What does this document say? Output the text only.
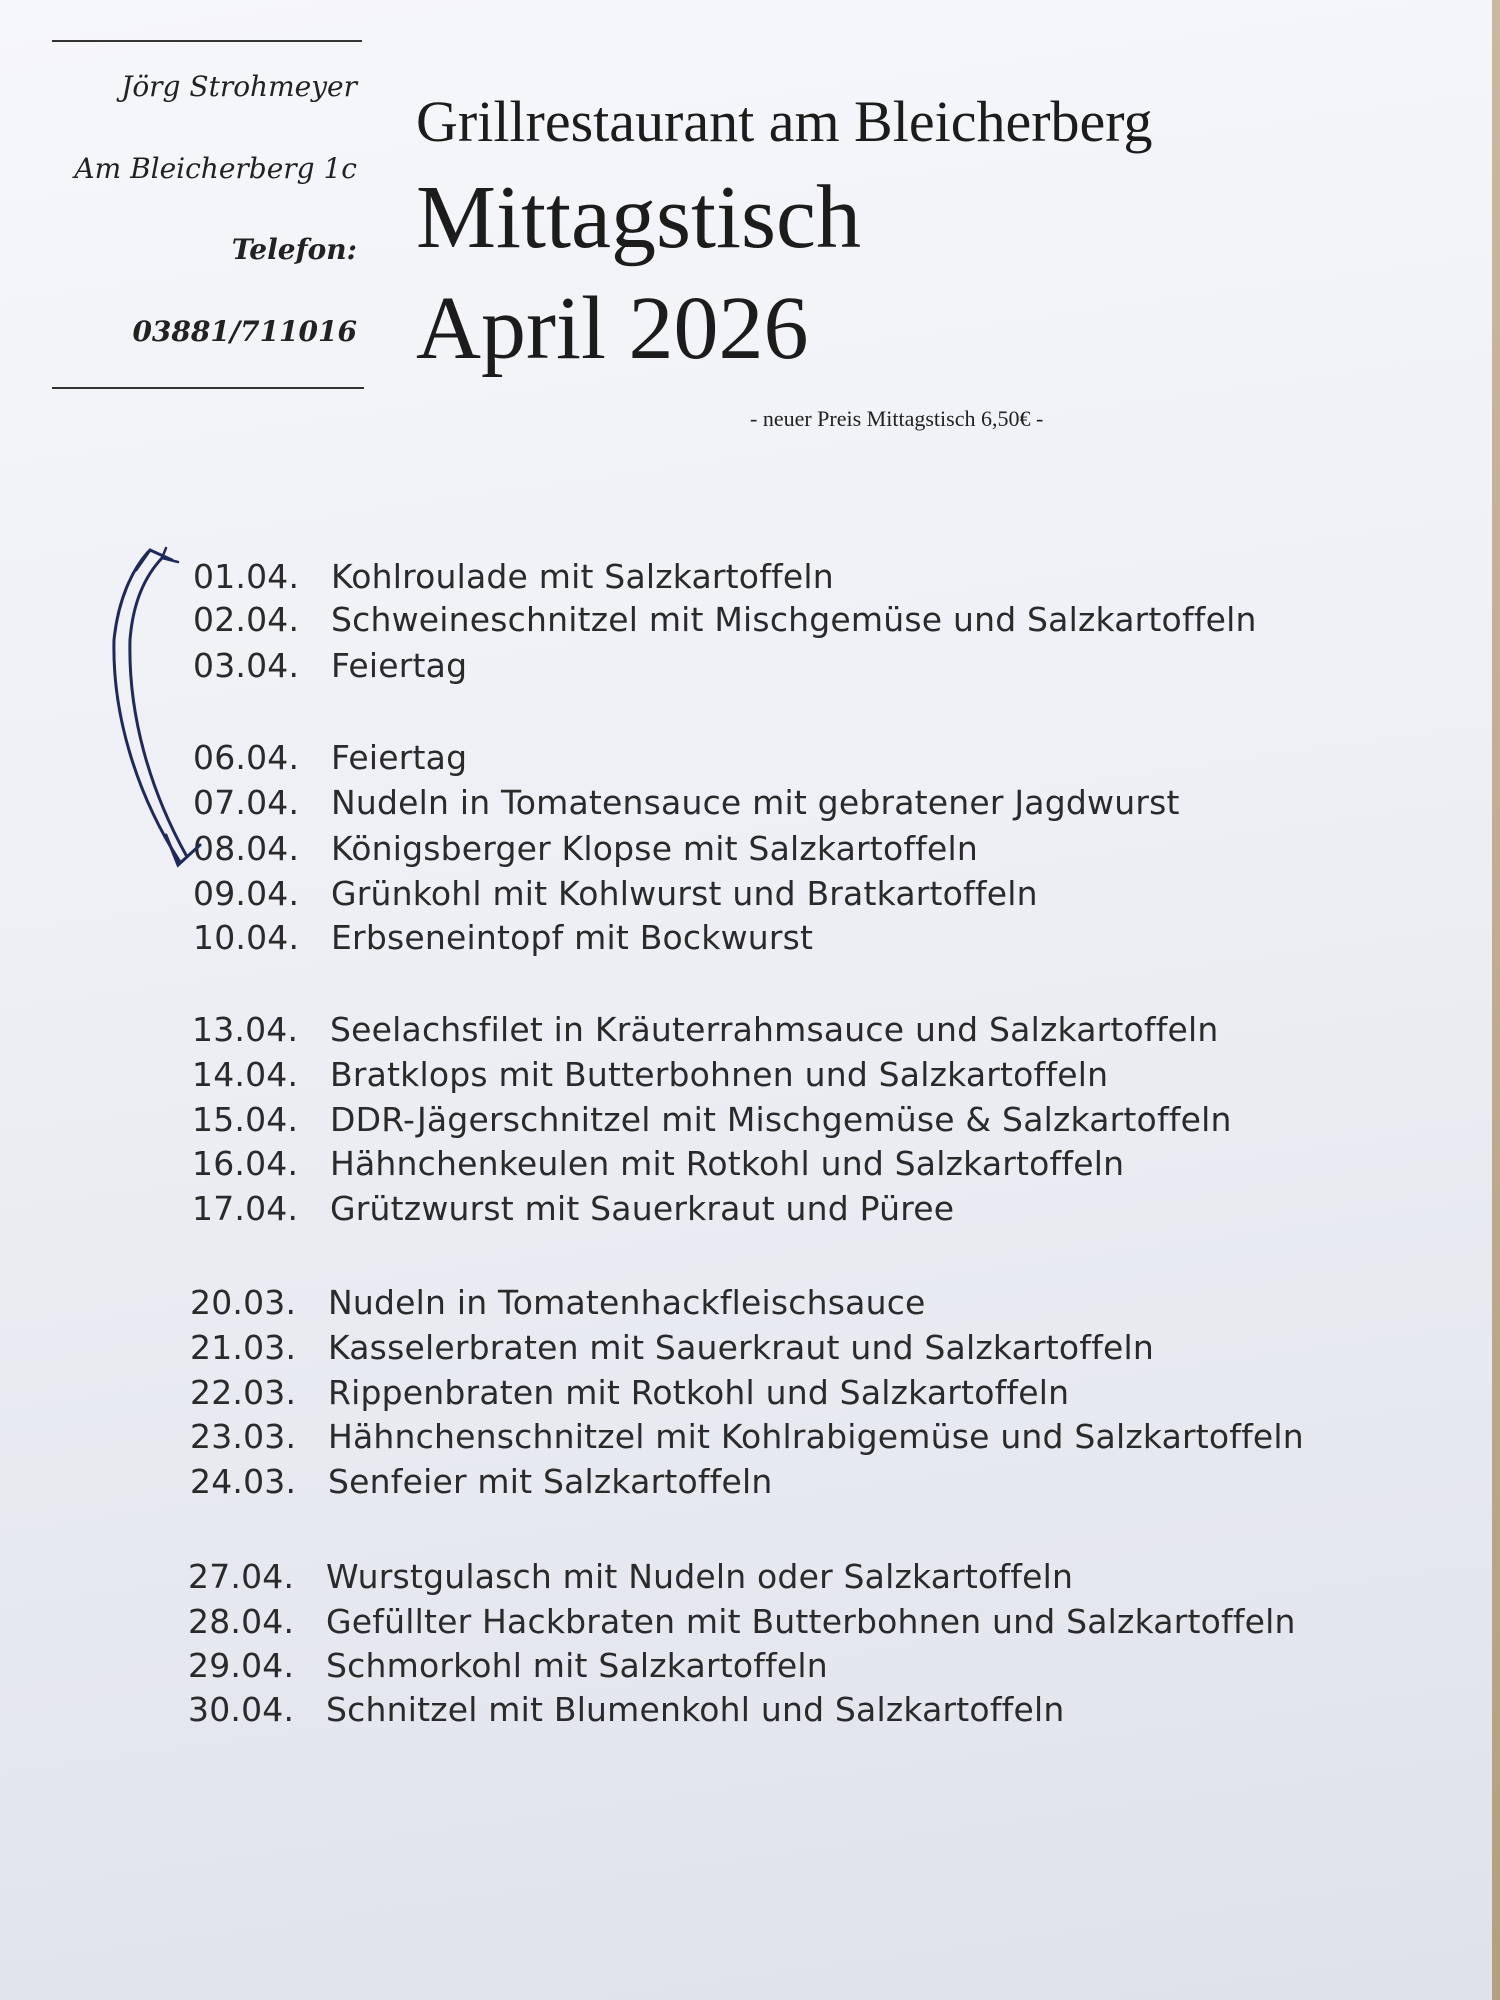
Jörg Strohmeyer
Am Bleicherberg 1c
Telefon:
03881/711016
Grillrestaurant am Bleicherberg
Mittagstisch
April 2026
- neuer Preis Mittagstisch 6,50€ -
01.04. Kohlroulade mit Salzkartoffeln
02.04. Schweineschnitzel mit Mischgemüse und Salzkartoffeln
03.04. Feiertag
06.04. Feiertag
07.04. Nudeln in Tomatensauce mit gebratener Jagdwurst
08.04. Königsberger Klopse mit Salzkartoffeln
09.04. Grünkohl mit Kohlwurst und Bratkartoffeln
10.04. Erbseneintopf mit Bockwurst
13.04. Seelachsfilet in Kräuterrahmsauce und Salzkartoffeln
14.04. Bratklops mit Butterbohnen und Salzkartoffeln
15.04. DDR-Jägerschnitzel mit Mischgemüse & Salzkartoffeln
16.04. Hähnchenkeulen mit Rotkohl und Salzkartoffeln
17.04. Grützwurst mit Sauerkraut und Püree
20.03. Nudeln in Tomatenhackfleischsauce
21.03. Kasselerbraten mit Sauerkraut und Salzkartoffeln
22.03. Rippenbraten mit Rotkohl und Salzkartoffeln
23.03. Hähnchenschnitzel mit Kohlrabigemüse und Salzkartoffeln
24.03. Senfeier mit Salzkartoffeln
27.04. Wurstgulasch mit Nudeln oder Salzkartoffeln
28.04. Gefüllter Hackbraten mit Butterbohnen und Salzkartoffeln
29.04. Schmorkohl mit Salzkartoffeln
30.04. Schnitzel mit Blumenkohl und Salzkartoffeln
